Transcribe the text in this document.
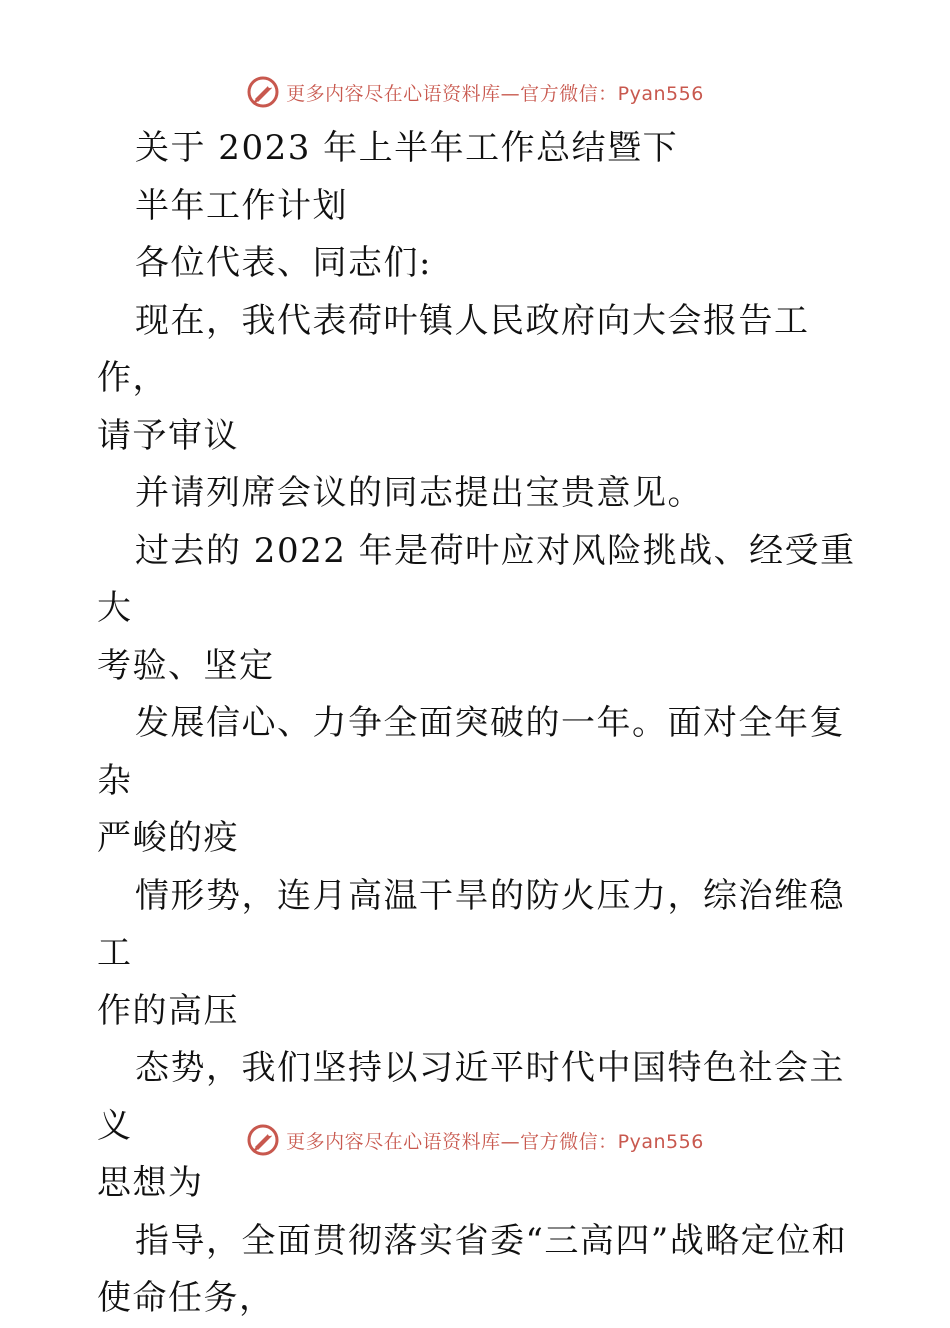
更多内容尽在心语资料库—官方微信：Pyan556

关于 2023 年上半年工作总结暨下

半年工作计划

各位代表、同志们:

现在，我代表荷叶镇人民政府向大会报告工作，

请予审议

并请列席会议的同志提出宝贵意见。

过去的 2022 年是荷叶应对风险挑战、经受重大

考验、坚定

发展信心、力争全面突破的一年。面对全年复杂

严峻的疫

情形势，连月高温干旱的防火压力，综治维稳工

作的高压

态势，我们坚持以习近平时代中国特色社会主义

思想为

指导，全面贯彻落实省委“三高四”战略定位和

使命任务，

更多内容尽在心语资料库—官方微信：Pyan556
